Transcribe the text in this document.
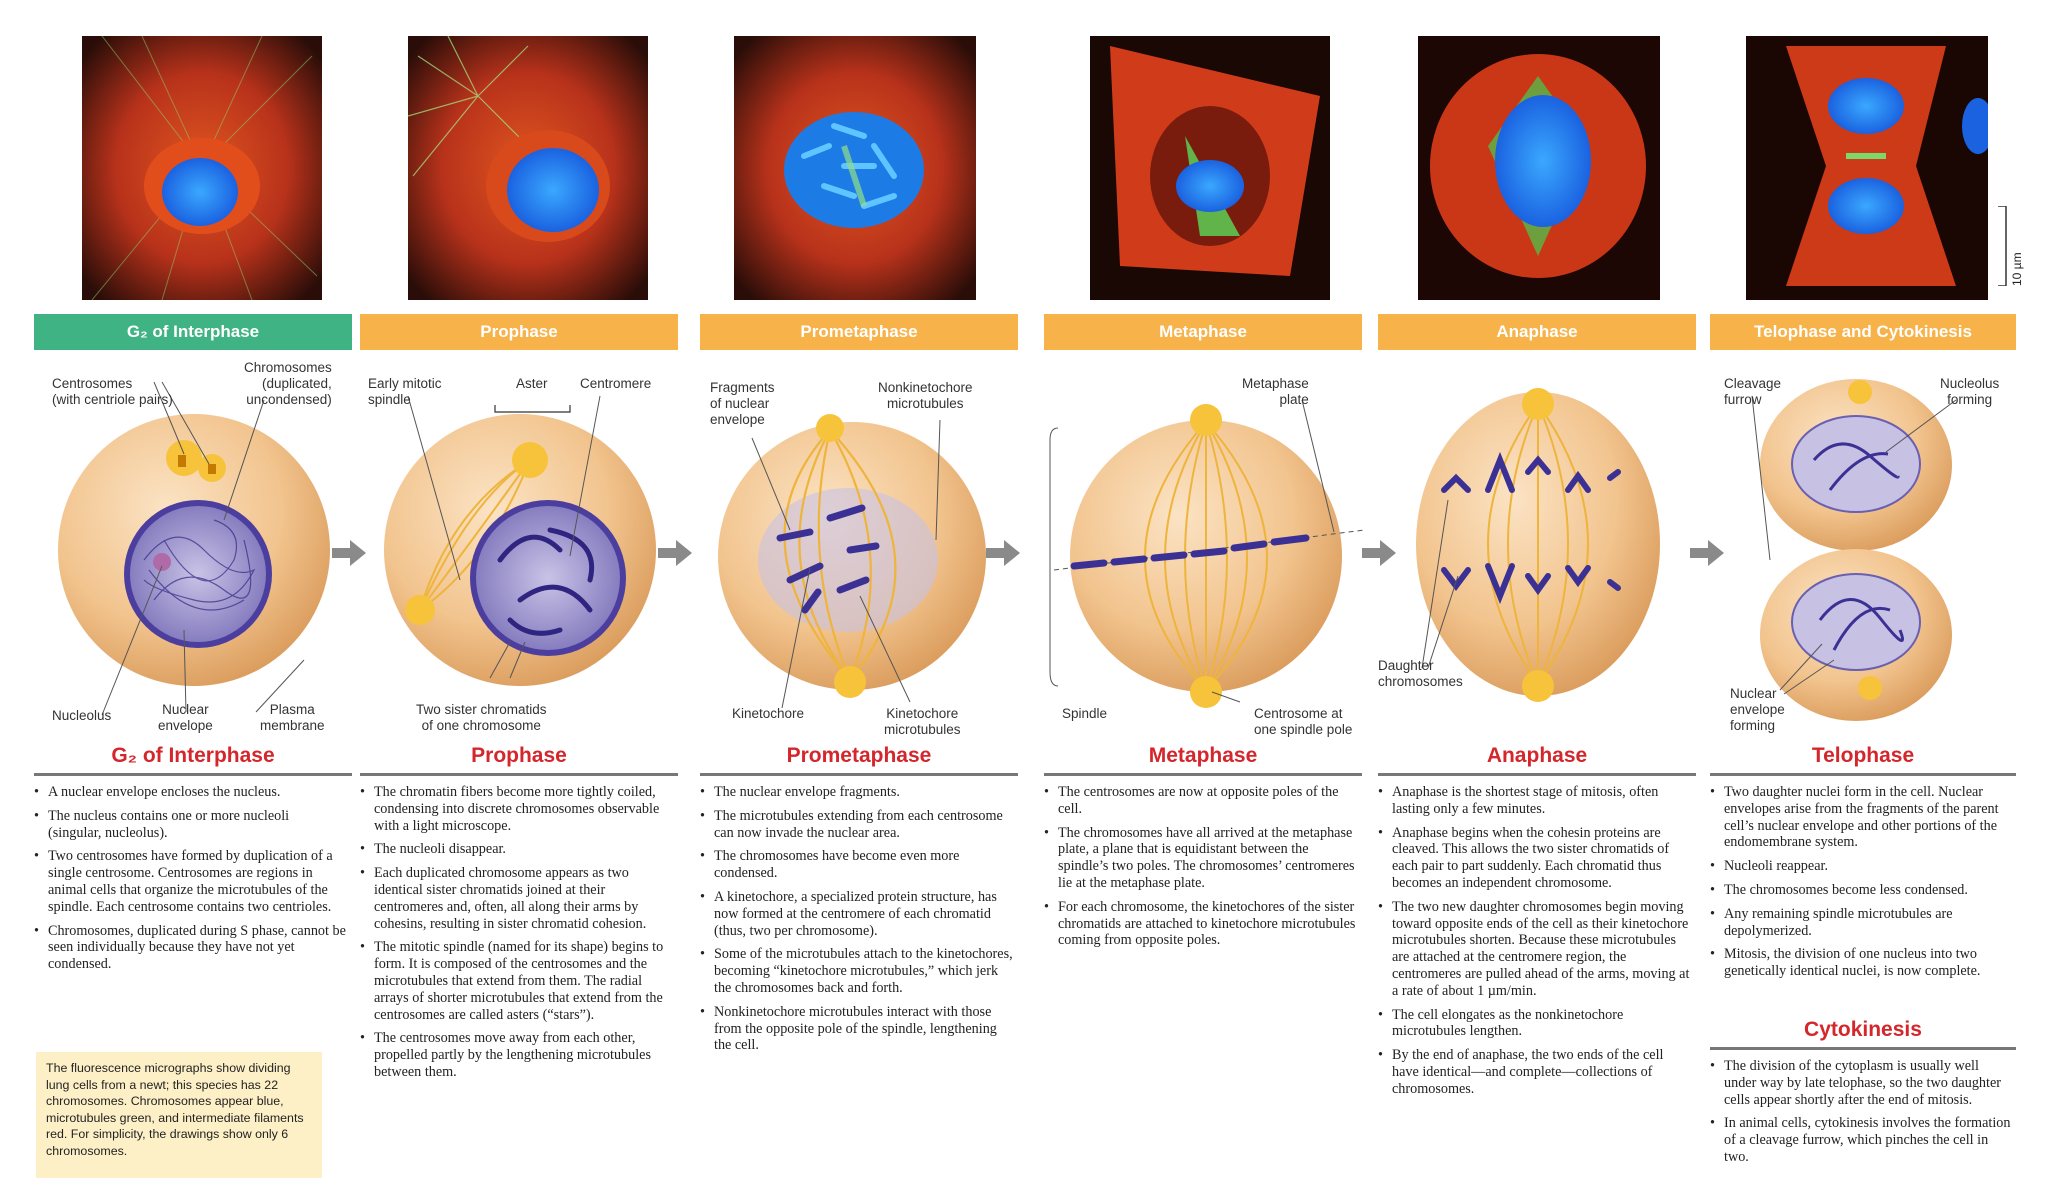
G₂ of Interphase
Centrosomes
(with centriole pairs)
Chromosomes
(duplicated,
uncondensed)
Nucleolus	Nuclear
envelope
Plasma
membrane
G₂ of Interphase
• A nuclear envelope encloses the nucleus.
• The nucleus contains one or more nucleoli (singular, nucleolus).
• Two centrosomes have formed by duplication of a single centrosome. Centrosomes are regions in animal cells that organize the microtubules of the spindle. Each centrosome contains two centrioles.
• Chromosomes, duplicated during S phase, cannot be seen individually because they have not yet condensed.
Prophase
Early mitotic
spindle
Aster Centromere
Two sister chromatids
of one chromosome
Prophase
• The chromatin fibers become more tightly coiled, condensing into discrete chromosomes observable with a light microscope.
• The nucleoli disappear.
• Each duplicated chromosome appears as two identical sister chromatids joined at their centromeres and, often, all along their arms by cohesins, resulting in sister chromatid cohesion.
• The mitotic spindle (named for its shape) begins to form. It is composed of the centrosomes and the microtubules that extend from them. The radial arrays of shorter microtubules that extend from the centrosomes are called asters (“stars”).
• The centrosomes move away from each other, propelled partly by the lengthening microtubules between them.
Prometaphase
Fragments
of nuclear
envelope
Nonkinetochore
microtubules
Kinetochore	Kinetochore
microtubules
Prometaphase
• The nuclear envelope fragments.
• The microtubules extending from each centrosome can now invade the nuclear area.
• The chromosomes have become even more condensed.
• A kinetochore, a specialized protein structure, has now formed at the centromere of each chromatid (thus, two per chromosome).
• Some of the microtubules attach to the kinetochores, becoming “kinetochore microtubules,” which jerk the chromosomes back and forth.
• Nonkinetochore microtubules interact with those from the opposite pole of the spindle, lengthening the cell.
Metaphase
Metaphase
plate
Spindle	Centrosome at
one spindle pole
Metaphase
• The centrosomes are now at opposite poles of the cell.
• The chromosomes have all arrived at the metaphase plate, a plane that is equidistant between the spindle’s two poles. The chromosomes’ centromeres lie at the metaphase plate.
• For each chromosome, the kinetochores of the sister chromatids are attached to kinetochore microtubules coming from opposite poles.
Anaphase
Daughter
chromosomes
Anaphase
• Anaphase is the shortest stage of mitosis, often lasting only a few minutes.
• Anaphase begins when the cohesin proteins are cleaved. This allows the two sister chromatids of each pair to part suddenly. Each chromatid thus becomes an independent chromosome.
• The two new daughter chromosomes begin moving toward opposite ends of the cell as their kinetochore microtubules shorten. Because these microtubules are attached at the centromere region, the centromeres are pulled ahead of the arms, moving at a rate of about 1 µm/min.
• The cell elongates as the nonkinetochore microtubules lengthen.
• By the end of anaphase, the two ends of the cell have identical—and complete—collections of chromosomes.
Telophase and Cytokinesis
Cleavage
furrow
Nucleolus
forming
Nuclear
envelope
forming
Telophase
• Two daughter nuclei form in the cell. Nuclear envelopes arise from the fragments of the parent cell’s nuclear envelope and other portions of the endomembrane system.
• Nucleoli reappear.
• The chromosomes become less condensed.
• Any remaining spindle microtubules are depolymerized.
• Mitosis, the division of one nucleus into two genetically identical nuclei, is now complete.
Cytokinesis
• The division of the cytoplasm is usually well under way by late telophase, so the two daughter cells appear shortly after the end of mitosis.
• In animal cells, cytokinesis involves the formation of a cleavage furrow, which pinches the cell in two.
10 µm
The fluorescence micrographs show dividing lung cells from a newt; this species has 22 chromosomes. Chromosomes appear blue, microtubules green, and intermediate filaments red. For simplicity, the drawings show only 6 chromosomes.
